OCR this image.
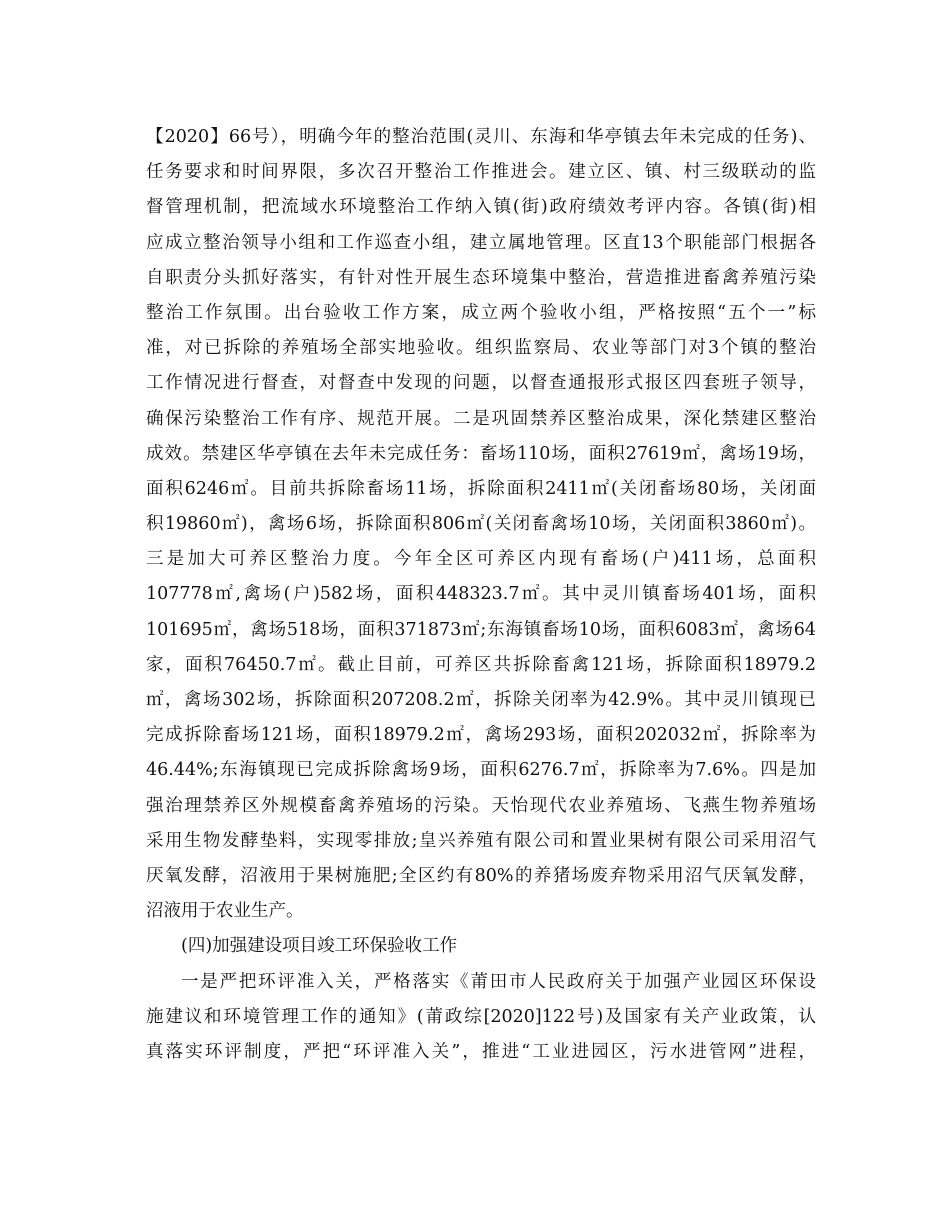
【2020】66号），明确今年的整治范围(灵川、东海和华亭镇去年未完成的任务)、
任务要求和时间界限，多次召开整治工作推进会。建立区、镇、村三级联动的监
督管理机制，把流域水环境整治工作纳入镇(街)政府绩效考评内容。各镇(街)相
应成立整治领导小组和工作巡查小组，建立属地管理。区直13个职能部门根据各
自职责分头抓好落实，有针对性开展生态环境集中整治，营造推进畜禽养殖污染
整治工作氛围。出台验收工作方案，成立两个验收小组，严格按照“五个一”标
准，对已拆除的养殖场全部实地验收。组织监察局、农业等部门对3个镇的整治
工作情况进行督查，对督查中发现的问题，以督查通报形式报区四套班子领导，
确保污染整治工作有序、规范开展。二是巩固禁养区整治成果，深化禁建区整治
成效。禁建区华亭镇在去年未完成任务：畜场110场，面积27619㎡，禽场19场，
面积6246㎡。目前共拆除畜场11场，拆除面积2411㎡(关闭畜场80场，关闭面
积19860㎡)，禽场6场，拆除面积806㎡(关闭畜禽场10场，关闭面积3860㎡)。
三是加大可养区整治力度。今年全区可养区内现有畜场(户)411场，总面积
107778㎡,禽场(户)582场，面积448323.7㎡。其中灵川镇畜场401场，面积
101695㎡，禽场518场，面积371873㎡;东海镇畜场10场，面积6083㎡，禽场64
家，面积76450.7㎡。截止目前，可养区共拆除畜禽121场，拆除面积18979.2
㎡，禽场302场，拆除面积207208.2㎡，拆除关闭率为42.9%。其中灵川镇现已
完成拆除畜场121场，面积18979.2㎡，禽场293场，面积202032㎡，拆除率为
46.44%;东海镇现已完成拆除禽场9场，面积6276.7㎡，拆除率为7.6%。四是加
强治理禁养区外规模畜禽养殖场的污染。天怡现代农业养殖场、飞燕生物养殖场
采用生物发酵垫料，实现零排放;皇兴养殖有限公司和置业果树有限公司采用沼气
厌氧发酵，沼液用于果树施肥;全区约有80%的养猪场废弃物采用沼气厌氧发酵，
沼液用于农业生产。
(四)加强建设项目竣工环保验收工作
一是严把环评准入关，严格落实《莆田市人民政府关于加强产业园区环保设
施建议和环境管理工作的通知》(莆政综[2020]122号)及国家有关产业政策，认
真落实环评制度，严把“环评准入关”，推进“工业进园区，污水进管网”进程，
